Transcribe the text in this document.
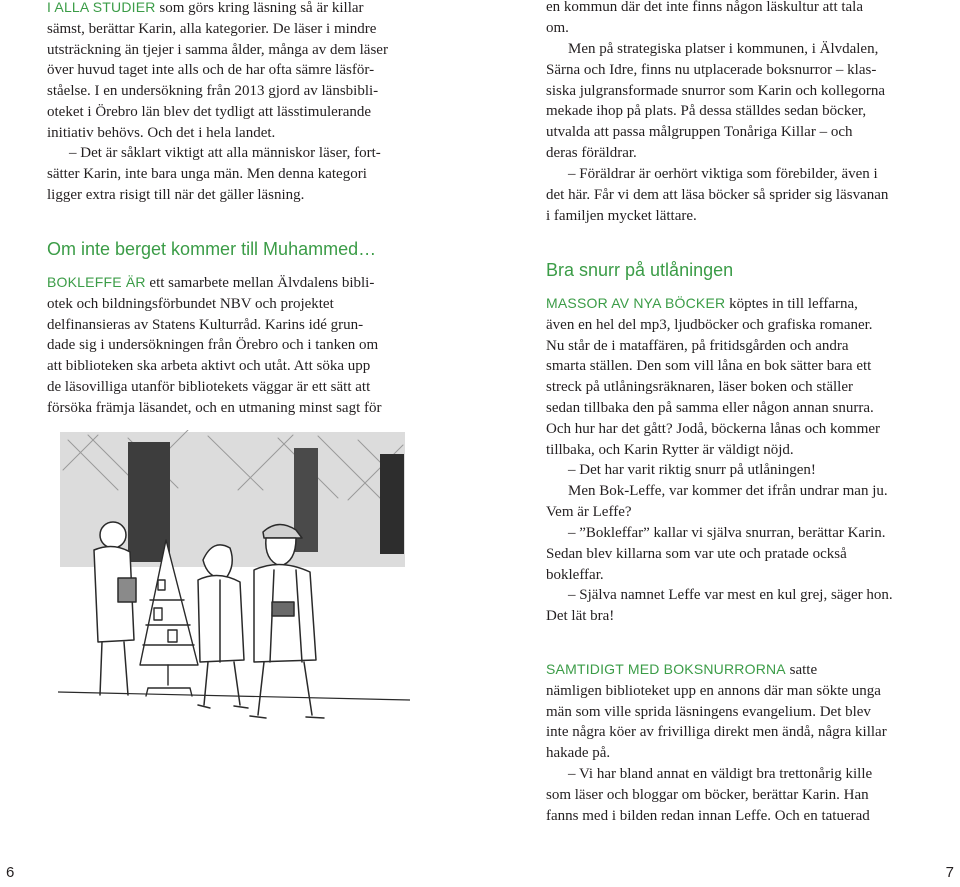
I ALLA STUDIER som görs kring läsning så är killar
sämst, berättar Karin, alla kategorier. De läser i mindre
utsträckning än tjejer i samma ålder, många av dem läser
över huvud taget inte alls och de har ofta sämre läsför-
ståelse. I en undersökning från 2013 gjord av länsbibli-
oteket i Örebro län blev det tydligt att lässtimulerande
initiativ behövs. Och det i hela landet.

– Det är såklart viktigt att alla människor läser, fort-
sätter Karin, inte bara unga män. Men denna kategori
ligger extra risigt till när det gäller läsning.

Om inte berget kommer till Muhammed…

BOKLEFFE ÄR ett samarbete mellan Älvdalens bibli-
otek och bildningsförbundet NBV och projektet
delfinansieras av Statens Kulturråd. Karins idé grun-
dade sig i undersökningen från Örebro och i tanken om
att biblioteken ska arbeta aktivt och utåt. Att söka upp
de läsovilliga utanför bibliotekets väggar är ett sätt att
försöka främja läsandet, och en utmaning minst sagt för

en kommun där det inte finns någon läskultur att tala
om.

Men på strategiska platser i kommunen, i Älvdalen,
Särna och Idre, finns nu utplacerade boksnurror – klas-
siska julgransformade snurror som Karin och kollegorna
mekade ihop på plats. På dessa ställdes sedan böcker,
utvalda att passa målgruppen Tonåriga Killar – och
deras föräldrar.

– Föräldrar är oerhört viktiga som förebilder, även i
det här. Får vi dem att läsa böcker så sprider sig läsvanan
i familjen mycket lättare.

Bra snurr på utlåningen

MASSOR AV NYA BÖCKER köptes in till leffarna,
även en hel del mp3, ljudböcker och grafiska romaner.
Nu står de i mataffären, på fritidsgården och andra
smarta ställen. Den som vill låna en bok sätter bara ett
streck på utlåningsräknaren, läser boken och ställer
sedan tillbaka den på samma eller någon annan snurra.
Och hur har det gått? Jodå, böckerna lånas och kommer
tillbaka, och Karin Rytter är väldigt nöjd.

– Det har varit riktig snurr på utlåningen!

Men Bok-Leffe, var kommer det ifrån undrar man ju.
Vem är Leffe?

– ”Bokleffar” kallar vi själva snurran, berättar Karin.
Sedan blev killarna som var ute och pratade också
bokleffar.

– Själva namnet Leffe var mest en kul grej, säger hon.
Det lät bra!

SAMTIDIGT MED BOKSNURRORNA satte
nämligen biblioteket upp en annons där man sökte unga
män som ville sprida läsningens evangelium. Det blev
inte några köer av frivilliga direkt men ändå, några killar
hakade på.

– Vi har bland annat en väldigt bra trettonårig kille
som läser och bloggar om böcker, berättar Karin. Han
fanns med i bilden redan innan Leffe. Och en tatuerad

6	7
